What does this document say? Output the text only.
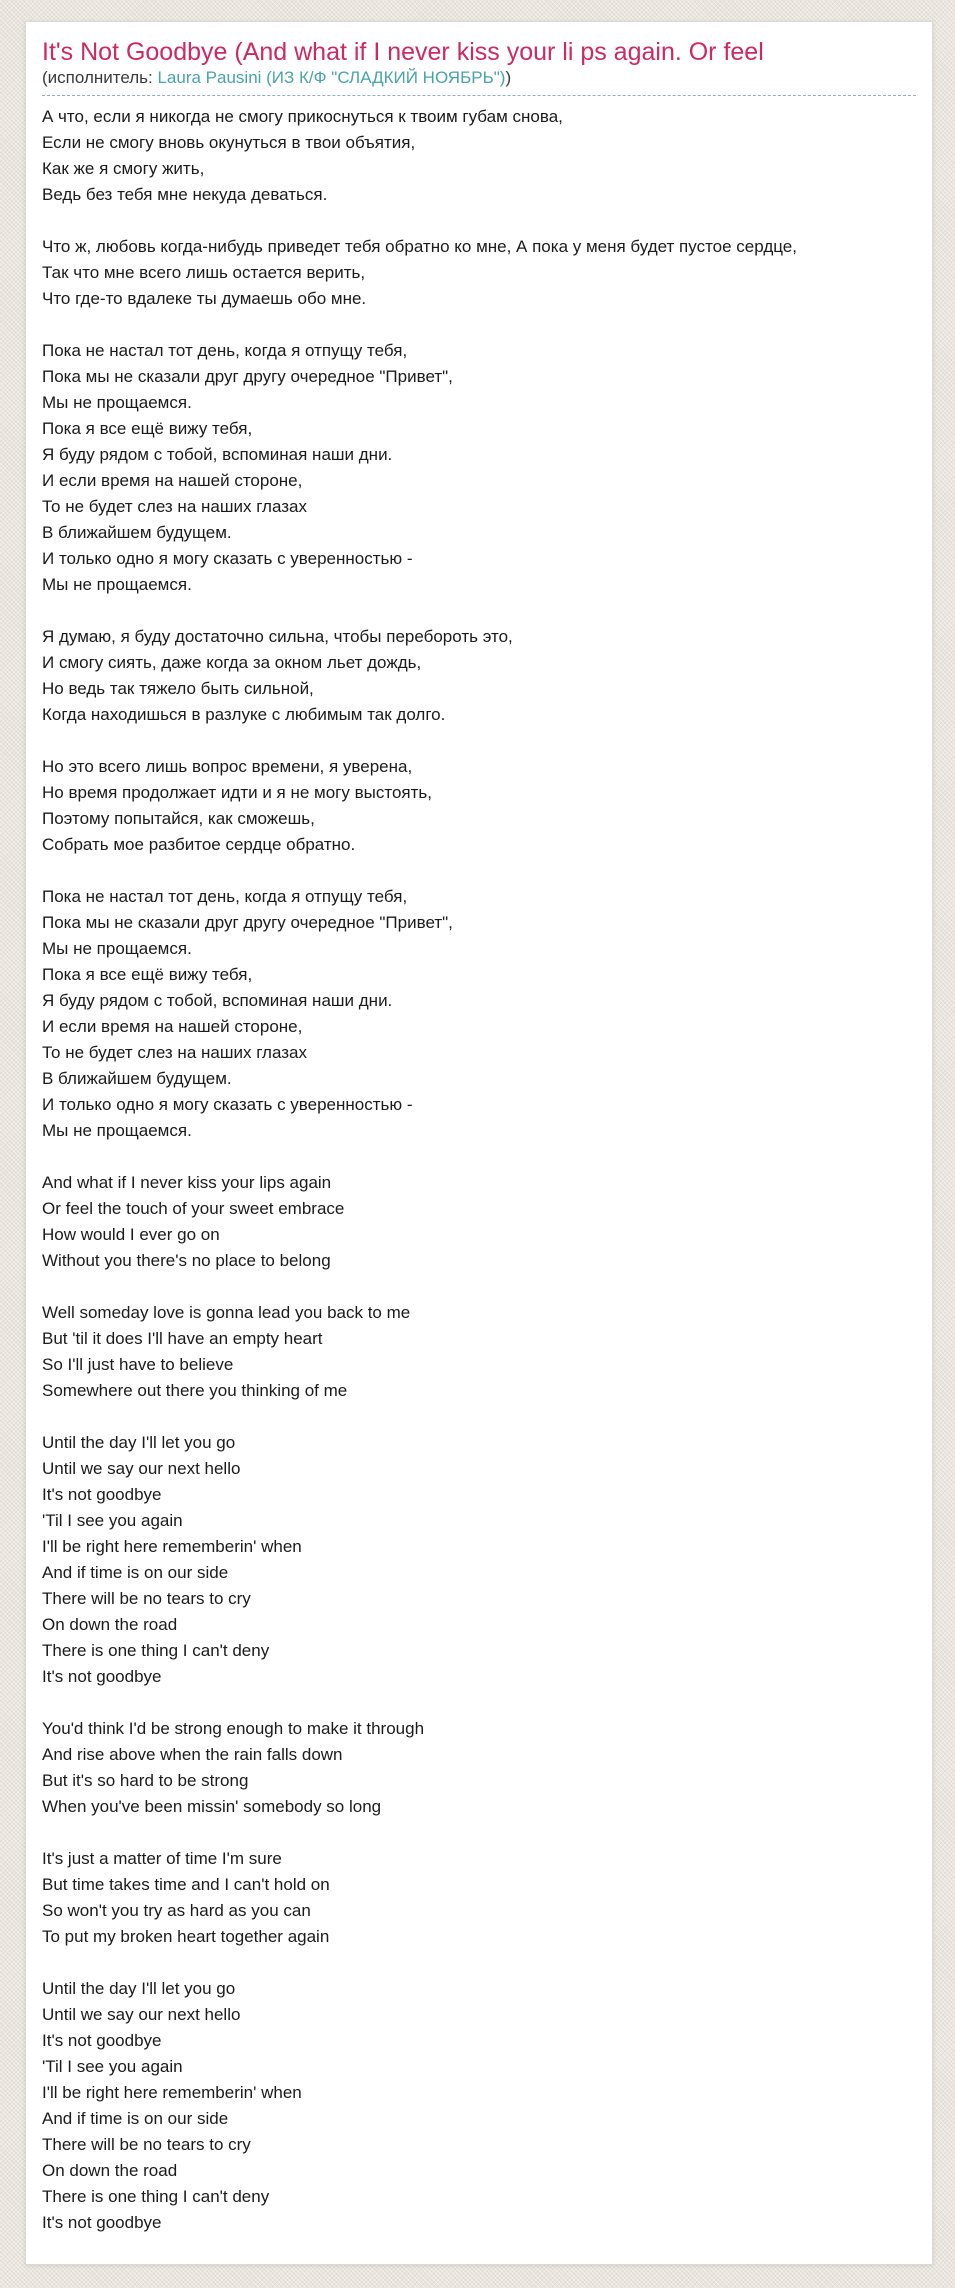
It's Not Goodbye (And what if I never kiss your li ps again. Or feel
(исполнитель: Laura Pausini (ИЗ К/Ф "СЛАДКИЙ НОЯБРЬ"))
А что, если я никогда не смогу прикоснуться к твоим губам снова,
Если не смогу вновь окунуться в твои объятия,
Как же я смогу жить,
Ведь без тебя мне некуда деваться.
Что ж, любовь когда-нибудь приведет тебя обратно ко мне, А пока у меня будет пустое сердце,
Так что мне всего лишь остается верить,
Что где-то вдалеке ты думаешь обо мне.
Пока не настал тот день, когда я отпущу тебя,
Пока мы не сказали друг другу очередное "Привет",
Мы не прощаемся.
Пока я все ещё вижу тебя,
Я буду рядом с тобой, вспоминая наши дни.
И если время на нашей стороне,
То не будет слез на наших глазах
В ближайшем будущем.
И только одно я могу сказать с уверенностью -
Мы не прощаемся.
Я думаю, я буду достаточно сильна, чтобы перебороть это,
И смогу сиять, даже когда за окном льет дождь,
Но ведь так тяжело быть сильной,
Когда находишься в разлуке с любимым так долго.
Но это всего лишь вопрос времени, я уверена,
Но время продолжает идти и я не могу выстоять,
Поэтому попытайся, как сможешь,
Собрать мое разбитое сердце обратно.
Пока не настал тот день, когда я отпущу тебя,
Пока мы не сказали друг другу очередное "Привет",
Мы не прощаемся.
Пока я все ещё вижу тебя,
Я буду рядом с тобой, вспоминая наши дни.
И если время на нашей стороне,
То не будет слез на наших глазах
В ближайшем будущем.
И только одно я могу сказать с уверенностью -
Мы не прощаемся.
And what if I never kiss your lips again
Or feel the touch of your sweet embrace
How would I ever go on
Without you there's no place to belong
Well someday love is gonna lead you back to me
But 'til it does I'll have an empty heart
So I'll just have to believe
Somewhere out there you thinking of me
Until the day I'll let you go
Until we say our next hello
It's not goodbye
'Til I see you again
I'll be right here rememberin' when
And if time is on our side
There will be no tears to cry
On down the road
There is one thing I can't deny
It's not goodbye
You'd think I'd be strong enough to make it through
And rise above when the rain falls down
But it's so hard to be strong
When you've been missin' somebody so long
It's just a matter of time I'm sure
But time takes time and I can't hold on
So won't you try as hard as you can
To put my broken heart together again
Until the day I'll let you go
Until we say our next hello
It's not goodbye
'Til I see you again
I'll be right here rememberin' when
And if time is on our side
There will be no tears to cry
On down the road
There is one thing I can't deny
It's not goodbye
